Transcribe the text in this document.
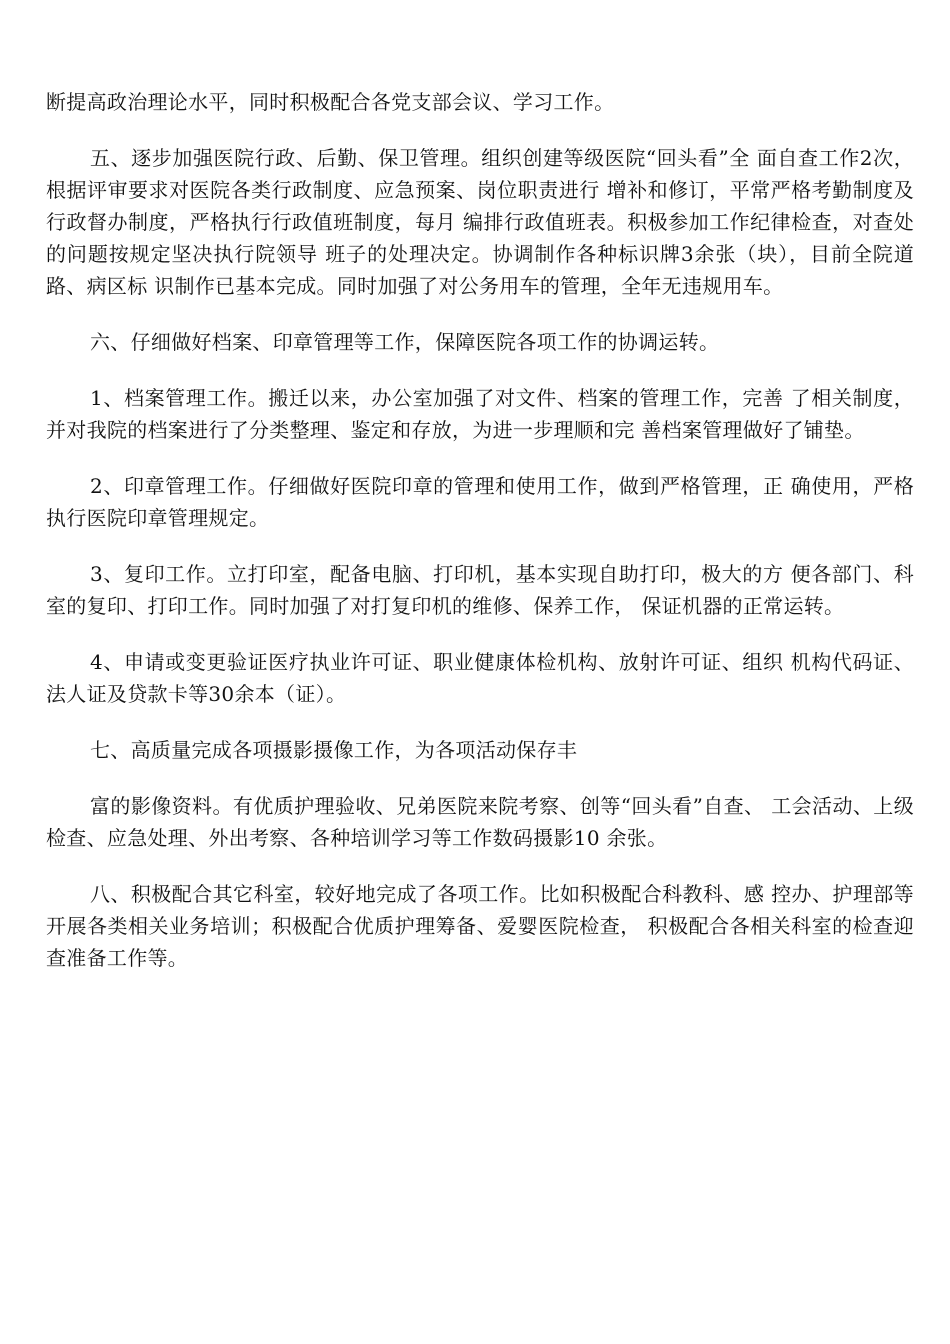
断提高政治理论水平，同时积极配合各党支部会议、学习工作。

五、逐步加强医院行政、后勤、保卫管理。组织创建等级医院“回头看”全 面自查工作2次，根据评审要求对医院各类行政制度、应急预案、岗位职责进行 增补和修订，平常严格考勤制度及行政督办制度，严格执行行政值班制度，每月 编排行政值班表。积极参加工作纪律检查，对查处的问题按规定坚决执行院领导 班子的处理决定。协调制作各种标识牌3余张（块），目前全院道路、病区标 识制作已基本完成。同时加强了对公务用车的管理，全年无违规用车。

六、仔细做好档案、印章管理等工作，保障医院各项工作的协调运转。

1、档案管理工作。搬迁以来，办公室加强了对文件、档案的管理工作，完善 了相关制度，并对我院的档案进行了分类整理、鉴定和存放，为进一步理顺和完 善档案管理做好了铺垫。

2、印章管理工作。仔细做好医院印章的管理和使用工作，做到严格管理，正 确使用，严格执行医院印章管理规定。

3、复印工作。立打印室，配备电脑、打印机，基本实现自助打印，极大的方 便各部门、科室的复印、打印工作。同时加强了对打复印机的维修、保养工作， 保证机器的正常运转。

4、申请或变更验证医疗执业许可证、职业健康体检机构、放射许可证、组织 机构代码证、法人证及贷款卡等30余本（证）。

七、高质量完成各项摄影摄像工作，为各项活动保存丰

富的影像资料。有优质护理验收、兄弟医院来院考察、创等“回头看”自查、 工会活动、上级检查、应急处理、外出考察、各种培训学习等工作数码摄影10 余张。

八、积极配合其它科室，较好地完成了各项工作。比如积极配合科教科、感 控办、护理部等开展各类相关业务培训；积极配合优质护理筹备、爱婴医院检查， 积极配合各相关科室的检查迎查准备工作等。
